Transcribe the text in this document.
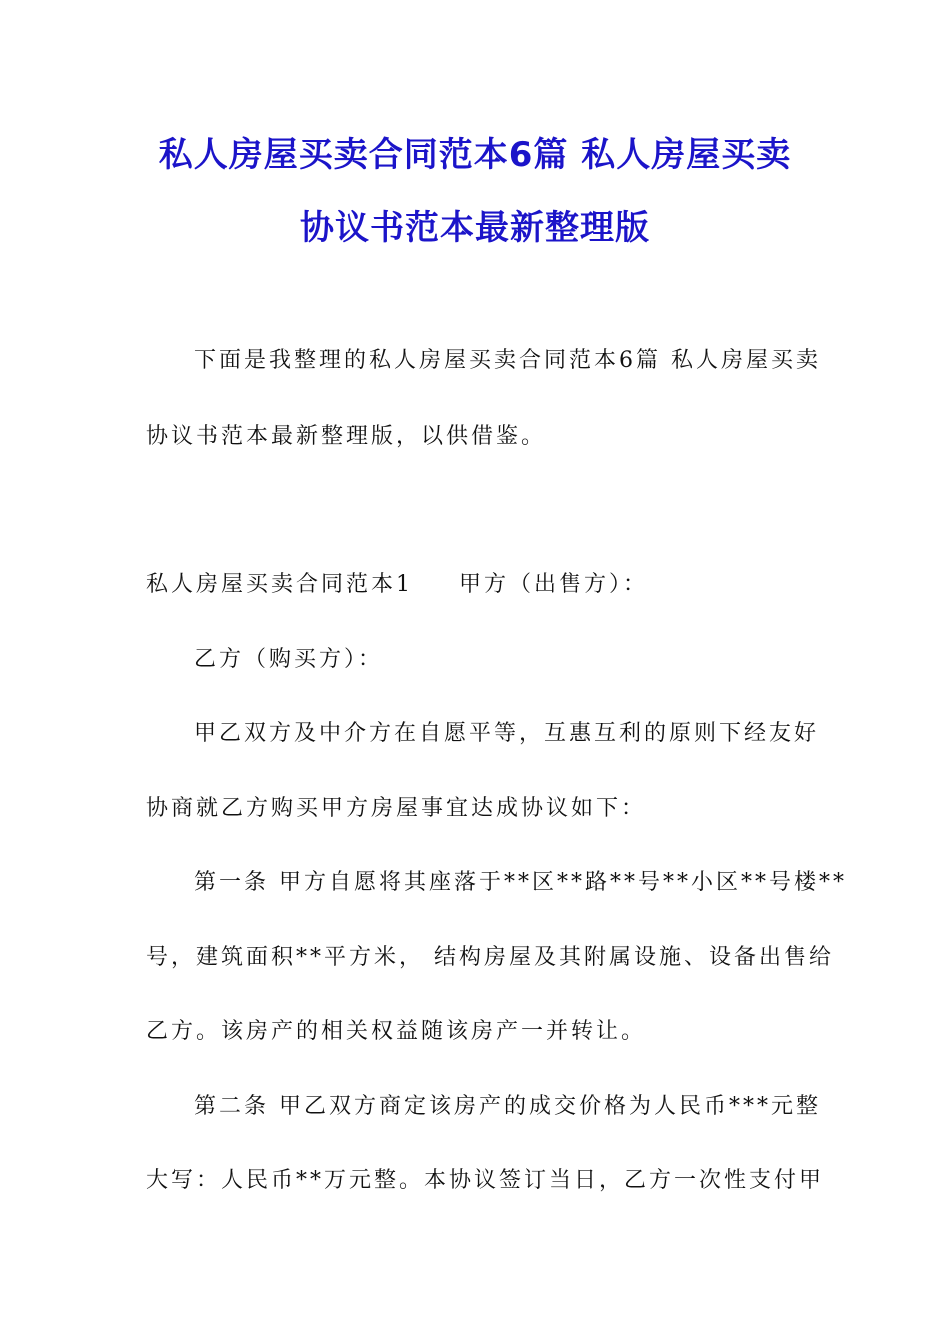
私人房屋买卖合同范本6篇 私人房屋买卖
协议书范本最新整理版

下面是我整理的私人房屋买卖合同范本6篇 私人房屋买卖

协议书范本最新整理版，以供借鉴。

私人房屋买卖合同范本1 甲方（出售方）：

乙方（购买方）：

甲乙双方及中介方在自愿平等，互惠互利的原则下经友好

协商就乙方购买甲方房屋事宜达成协议如下：

第一条 甲方自愿将其座落于**区**路**号**小区**号楼**

号，建筑面积**平方米， 结构房屋及其附属设施、设备出售给

乙方。该房产的相关权益随该房产一并转让。

第二条 甲乙双方商定该房产的成交价格为人民币***元整

大写：人民币**万元整。本协议签订当日，乙方一次性支付甲
